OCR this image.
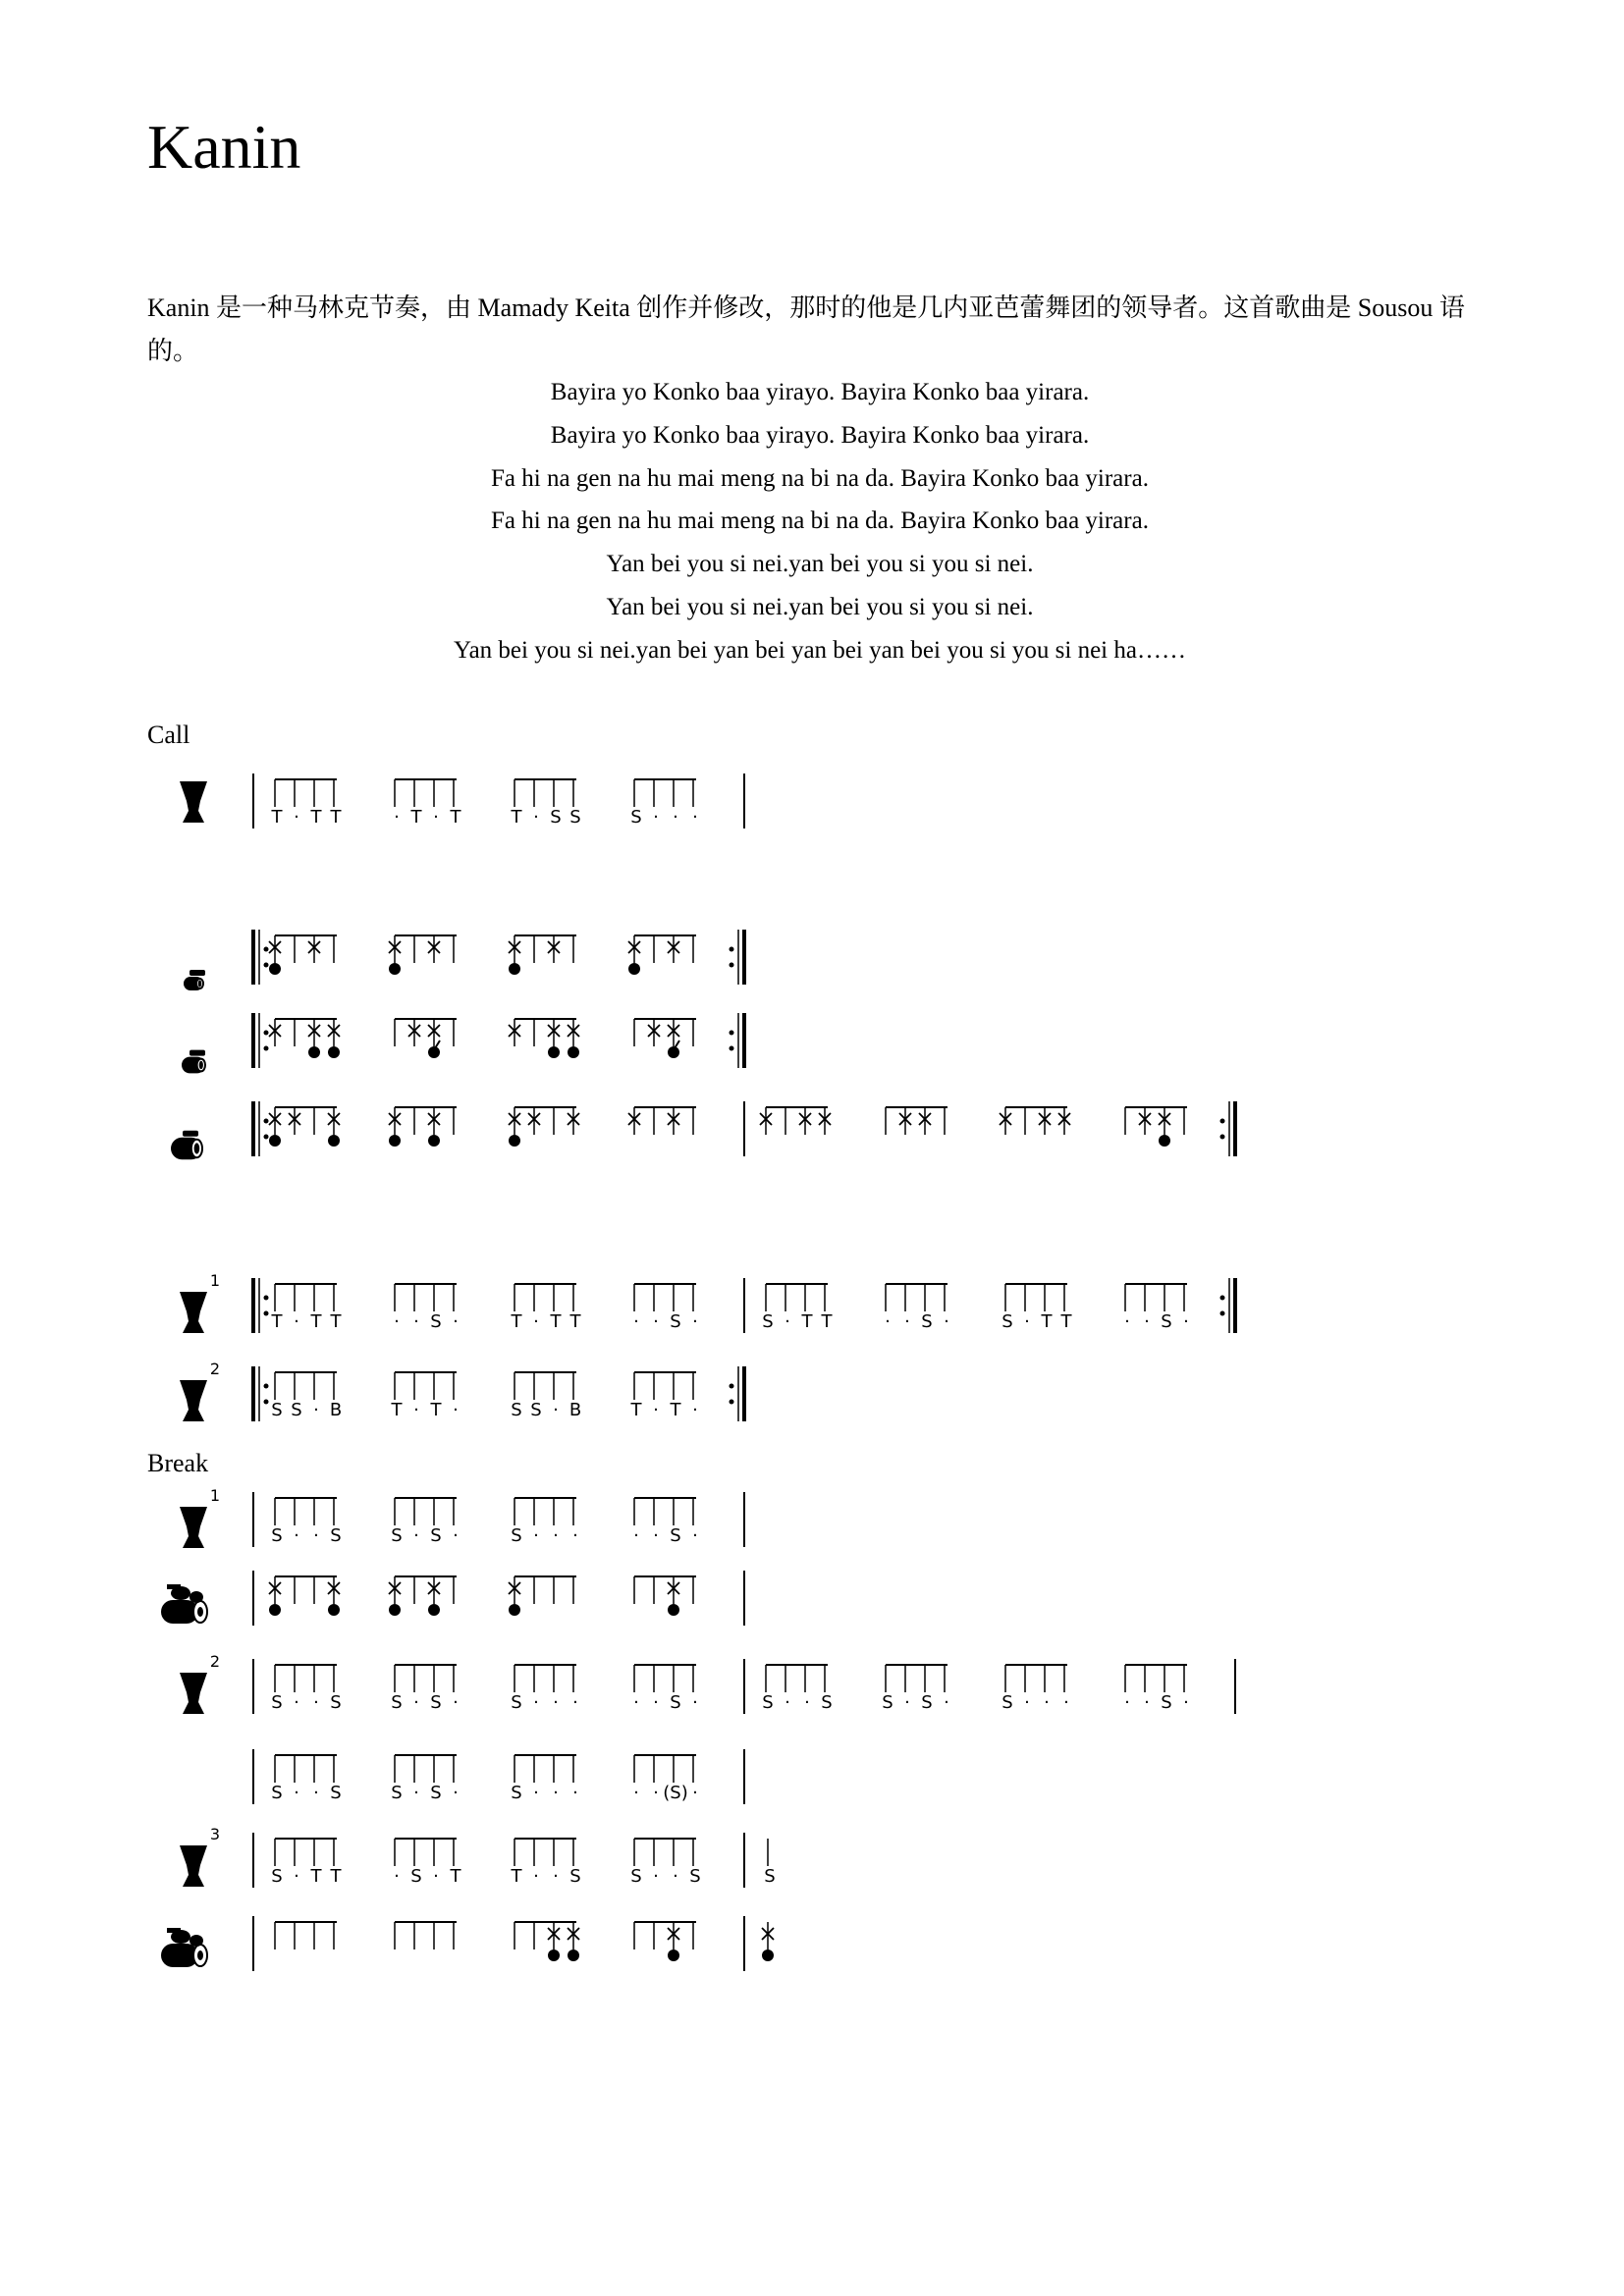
Kanin

Kanin 是一种马林克节奏，由 Mamady Keita 创作并修改，那时的他是几内亚芭蕾舞团的领导者。这首歌曲是 Sousou 语的。

Bayira yo Konko baa yirayo. Bayira Konko baa yirara.
Bayira yo Konko baa yirayo. Bayira Konko baa yirara.
Fa hi na gen na hu mai meng na bi na da. Bayira Konko baa yirara.
Fa hi na gen na hu mai meng na bi na da. Bayira Konko baa yirara.
Yan bei you si nei.yan bei you si you si nei.
Yan bei you si nei.yan bei you si you si nei.
Yan bei you si nei.yan bei yan bei yan bei yan bei you si you si nei ha……
Call
Break
T · T T	· T · T	T · S S	S · · ·
1
T · T T	· · S ·	T · T T	· · S ·	S · T T	· · S ·	S · T T	· · S ·
2
S S · B	T · T ·	S S · B	T · T ·
1
S · · S	S · S ·	S · · ·	· · S ·
2
S · · S	S · S ·	S · · ·	· · S ·	S · · S	S · S ·	S · · ·	· · S ·
S · · S	S · S ·	S · · ·	· · (S) ·
3
S · T T	· S · T	T · · S	S · · S	S
